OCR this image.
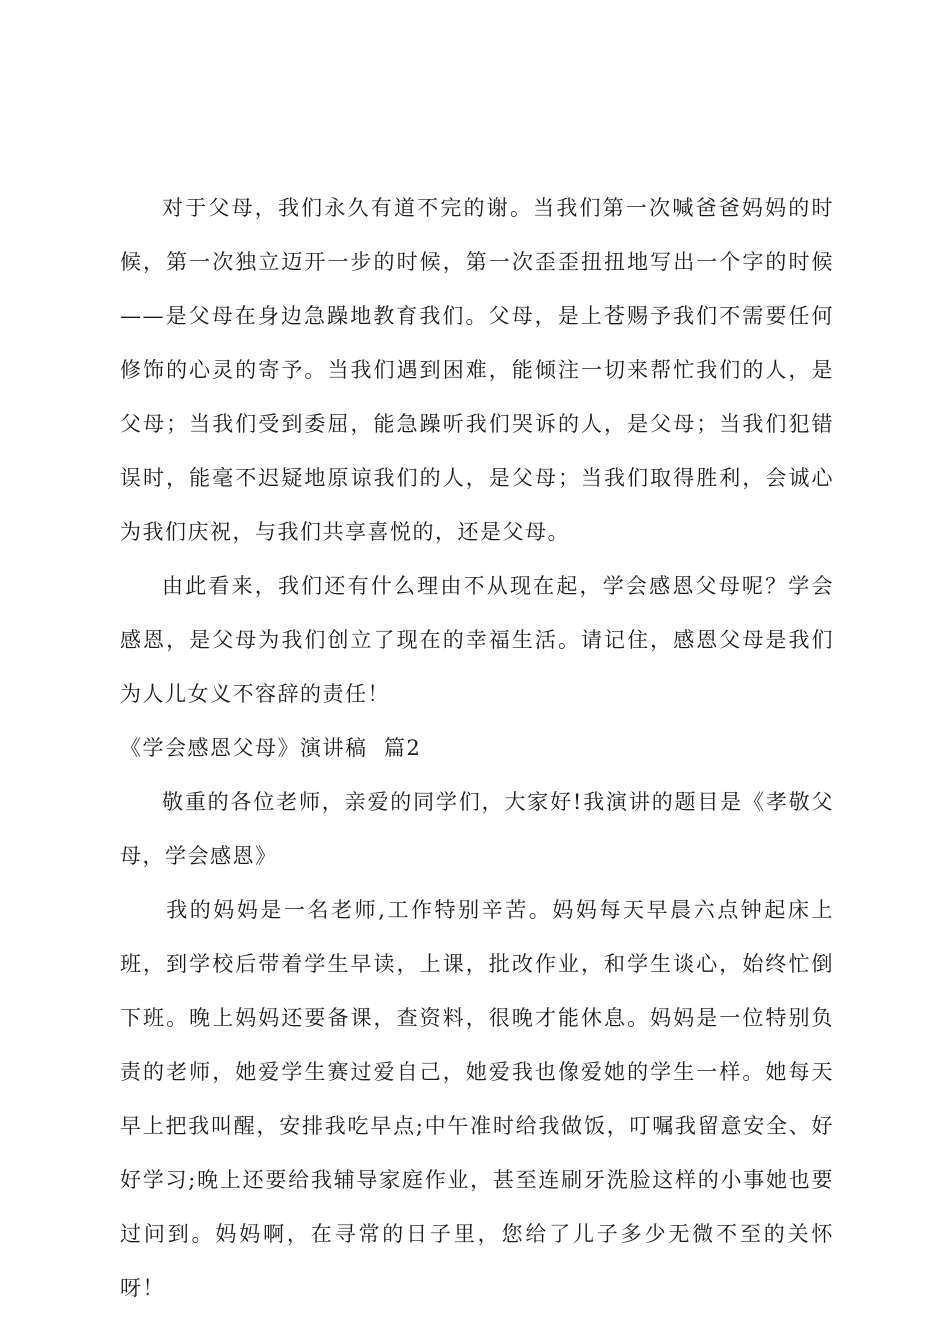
对于父母，我们永久有道不完的谢。当我们第一次喊爸爸妈妈的时候，第一次独立迈开一步的时候，第一次歪歪扭扭地写出一个字的时候——是父母在身边急躁地教育我们。父母，是上苍赐予我们不需要任何修饰的心灵的寄予。当我们遇到困难，能倾注一切来帮忙我们的人，是父母；当我们受到委屈，能急躁听我们哭诉的人，是父母；当我们犯错误时，能毫不迟疑地原谅我们的人，是父母；当我们取得胜利，会诚心为我们庆祝，与我们共享喜悦的，还是父母。

由此看来，我们还有什么理由不从现在起，学会感恩父母呢？学会感恩，是父母为我们创立了现在的幸福生活。请记住，感恩父母是我们为人儿女义不容辞的责任！

《学会感恩父母》演讲稿  篇2

敬重的各位老师，亲爱的同学们，大家好!我演讲的题目是《孝敬父母，学会感恩》

我的妈妈是一名老师,工作特别辛苦。妈妈每天早晨六点钟起床上班，到学校后带着学生早读，上课，批改作业，和学生谈心，始终忙倒下班。晚上妈妈还要备课，查资料，很晚才能休息。妈妈是一位特别负责的老师，她爱学生赛过爱自己，她爱我也像爱她的学生一样。她每天早上把我叫醒，安排我吃早点;中午准时给我做饭，叮嘱我留意安全、好好学习;晚上还要给我辅导家庭作业，甚至连刷牙洗脸这样的小事她也要过问到。妈妈啊，在寻常的日子里，您给了儿子多少无微不至的关怀呀！
